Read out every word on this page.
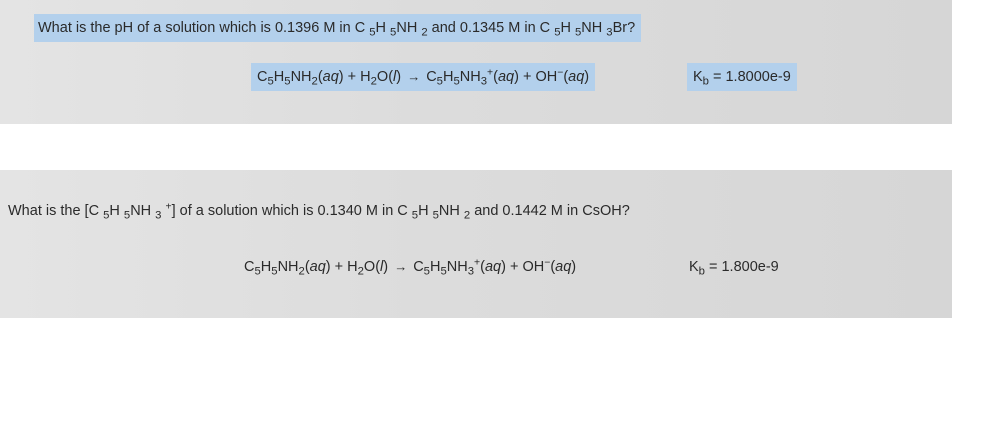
What is the pH of a solution which is 0.1396 M in C $_5$H $_5$NH $_2$ and 0.1345 M in C $_5$H $_5$NH $_3$Br?
$C_5H_5NH_2(aq) + H_2O(l) \to C_5H_5NH_3^+(aq) + OH^-(aq)$	$K_b = 1.8000e-9$
What is the [C $_5$H $_5$NH $_3$ +] of a solution which is 0.1340 M in C $_5$H $_5$NH $_2$ and 0.1442 M in CsOH?
$C_5H_5NH_2(aq) + H_2O(l) \to C_5H_5NH_3^+(aq) + OH^-(aq)$	$K_b = 1.800e-9$
